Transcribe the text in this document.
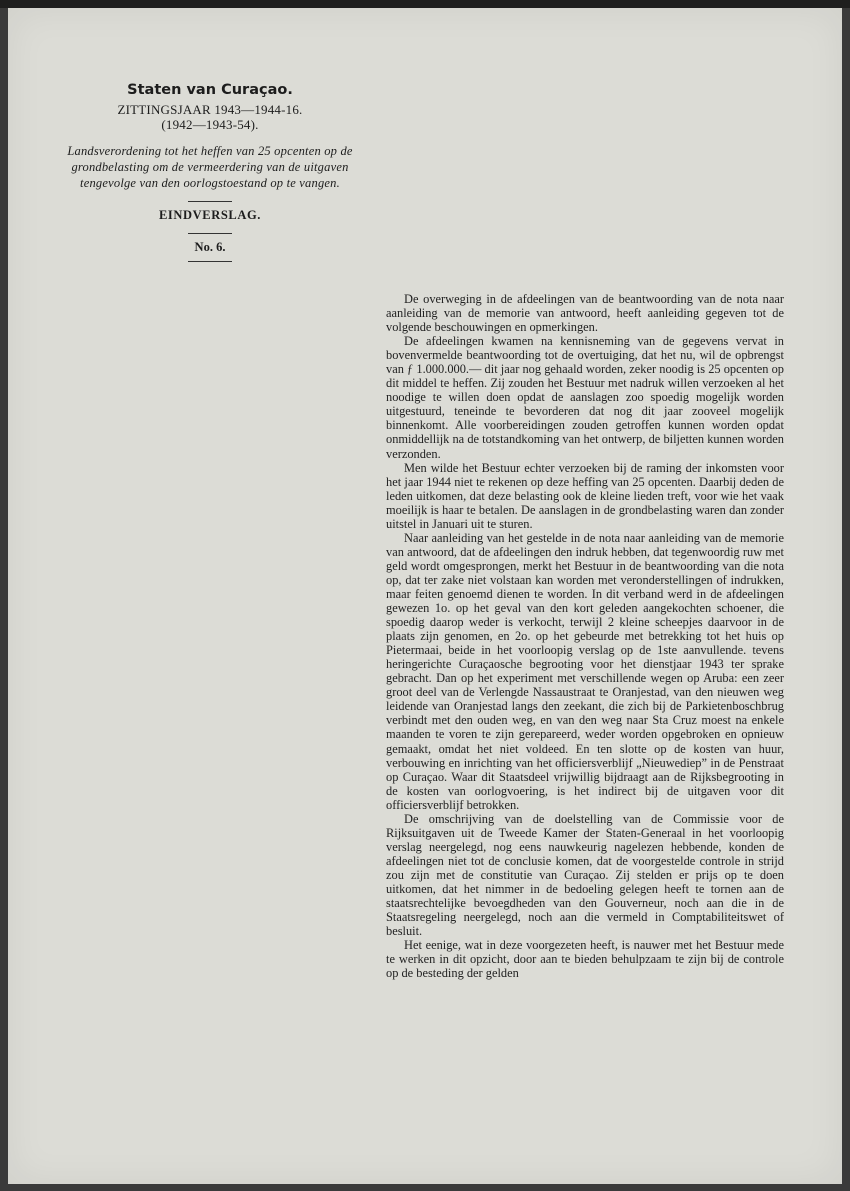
Staten van Curaçao.
ZITTINGSJAAR 1943—1944-16.
(1942—1943-54).
Landsverordening tot het heffen van 25 opcenten op de grondbelasting om de vermeerdering van de uitgaven tengevolge van den oorlogstoestand op te vangen.
EINDVERSLAG.
No. 6.

De overweging in de afdeelingen van de beantwoording van de nota naar aanleiding van de memorie van antwoord, heeft aanleiding gegeven tot de volgende beschouwingen en opmerkingen.

De afdeelingen kwamen na kennisneming van de gegevens vervat in bovenvermelde beantwoording tot de overtuiging, dat het nu, wil de opbrengst van ƒ 1.000.000.— dit jaar nog gehaald worden, zeker noodig is 25 opcenten op dit middel te heffen. Zij zouden het Bestuur met nadruk willen verzoeken al het noodige te willen doen opdat de aanslagen zoo spoedig mogelijk worden uitgestuurd, teneinde te bevorderen dat nog dit jaar zooveel mogelijk binnenkomt. Alle voorbereidingen zouden getroffen kunnen worden opdat onmiddellijk na de totstandkoming van het ontwerp, de biljetten kunnen worden verzonden.

Men wilde het Bestuur echter verzoeken bij de raming der inkomsten voor het jaar 1944 niet te rekenen op deze heffing van 25 opcenten. Daarbij deden de leden uitkomen, dat deze belasting ook de kleine lieden treft, voor wie het vaak moeilijk is haar te betalen. De aanslagen in de grondbelasting waren dan zonder uitstel in Januari uit te sturen.

Naar aanleiding van het gestelde in de nota naar aanleiding van de memorie van antwoord, dat de afdeelingen den indruk hebben, dat tegenwoordig ruw met geld wordt omgesprongen, merkt het Bestuur in de beantwoording van die nota op, dat ter zake niet volstaan kan worden met veronderstellingen of indrukken, maar feiten genoemd dienen te worden. In dit verband werd in de afdeelingen gewezen 1o. op het geval van den kort geleden aangekochten schoener, die spoedig daarop weder is verkocht, terwijl 2 kleine scheepjes daarvoor in de plaats zijn genomen, en 2o. op het gebeurde met betrekking tot het huis op Pietermaai, beide in het voorloopig verslag op de 1ste aanvullende. tevens heringerichte Curaçaosche begrooting voor het dienstjaar 1943 ter sprake gebracht. Dan op het experiment met verschillende wegen op Aruba: een zeer groot deel van de Verlengde Nassaustraat te Oranjestad, van den nieuwen weg leidende van Oranjestad langs den zeekant, die zich bij de Parkietenboschbrug verbindt met den ouden weg, en van den weg naar Sta Cruz moest na enkele maanden te voren te zijn gerepareerd, weder worden opgebroken en opnieuw gemaakt, omdat het niet voldeed. En ten slotte op de kosten van huur, verbouwing en inrichting van het officiersverblijf „Nieuwediep” in de Penstraat op Curaçao. Waar dit Staatsdeel vrijwillig bijdraagt aan de Rijksbegrooting in de kosten van oorlogvoering, is het indirect bij de uitgaven voor dit officiersverblijf betrokken.

De omschrijving van de doelstelling van de Commissie voor de Rijksuitgaven uit de Tweede Kamer der Staten-Generaal in het voorloopig verslag neergelegd, nog eens nauwkeurig nagelezen hebbende, konden de afdeelingen niet tot de conclusie komen, dat de voorgestelde controle in strijd zou zijn met de constitutie van Curaçao. Zij stelden er prijs op te doen uitkomen, dat het nimmer in de bedoeling gelegen heeft te tornen aan de staatsrechtelijke bevoegdheden van den Gouverneur, noch aan die in de Staatsregeling neergelegd, noch aan die vermeld in Comptabiliteitswet of besluit.

Het eenige, wat in deze voorgezeten heeft, is nauwer met het Bestuur mede te werken in dit opzicht, door aan te bieden behulpzaam te zijn bij de controle op de besteding der gelden
